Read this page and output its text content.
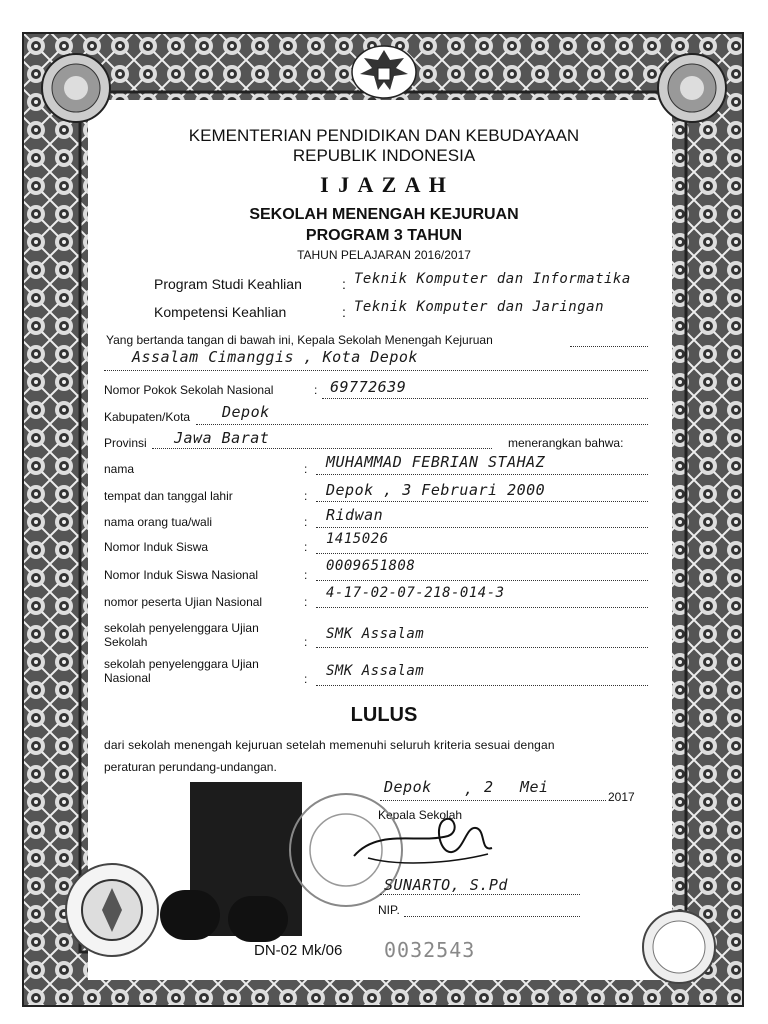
KEMENTERIAN PENDIDIKAN DAN KEBUDAYAAN
REPUBLIK INDONESIA
I J A Z A H
SEKOLAH MENENGAH KEJURUAN
PROGRAM 3 TAHUN
TAHUN PELAJARAN 2016/2017
Program Studi Keahlian	: Teknik Komputer dan Informatika
Kompetensi Keahlian	: Teknik Komputer dan Jaringan
Yang bertanda tangan di bawah ini, Kepala Sekolah Menengah Kejuruan
Assalam Cimanggis , Kota Depok
Nomor Pokok Sekolah Nasional	: 69772639
Kabupaten/Kota Depok
Provinsi Jawa Barat	menerangkan bahwa:
nama	: MUHAMMAD FEBRIAN STAHAZ
tempat dan tanggal lahir	: Depok , 3 Februari 2000
nama orang tua/wali	: Ridwan
Nomor Induk Siswa	: 1415026
Nomor Induk Siswa Nasional	:
0009651808
nomor peserta Ujian Nasional	:
4-17-02-07-218-014-3
sekolah penyelenggara Ujian Sekolah	: SMK Assalam
sekolah penyelenggara Ujian Nasional	: SMK Assalam
LULUS
dari sekolah menengah kejuruan setelah memenuhi seluruh kriteria sesuai dengan
peraturan perundang-undangan.
Depok , 2 Mei
2017
Kepala Sekolah
SUNARTO, S.Pd
NIP.
DN-02 Mk/06 0032543
